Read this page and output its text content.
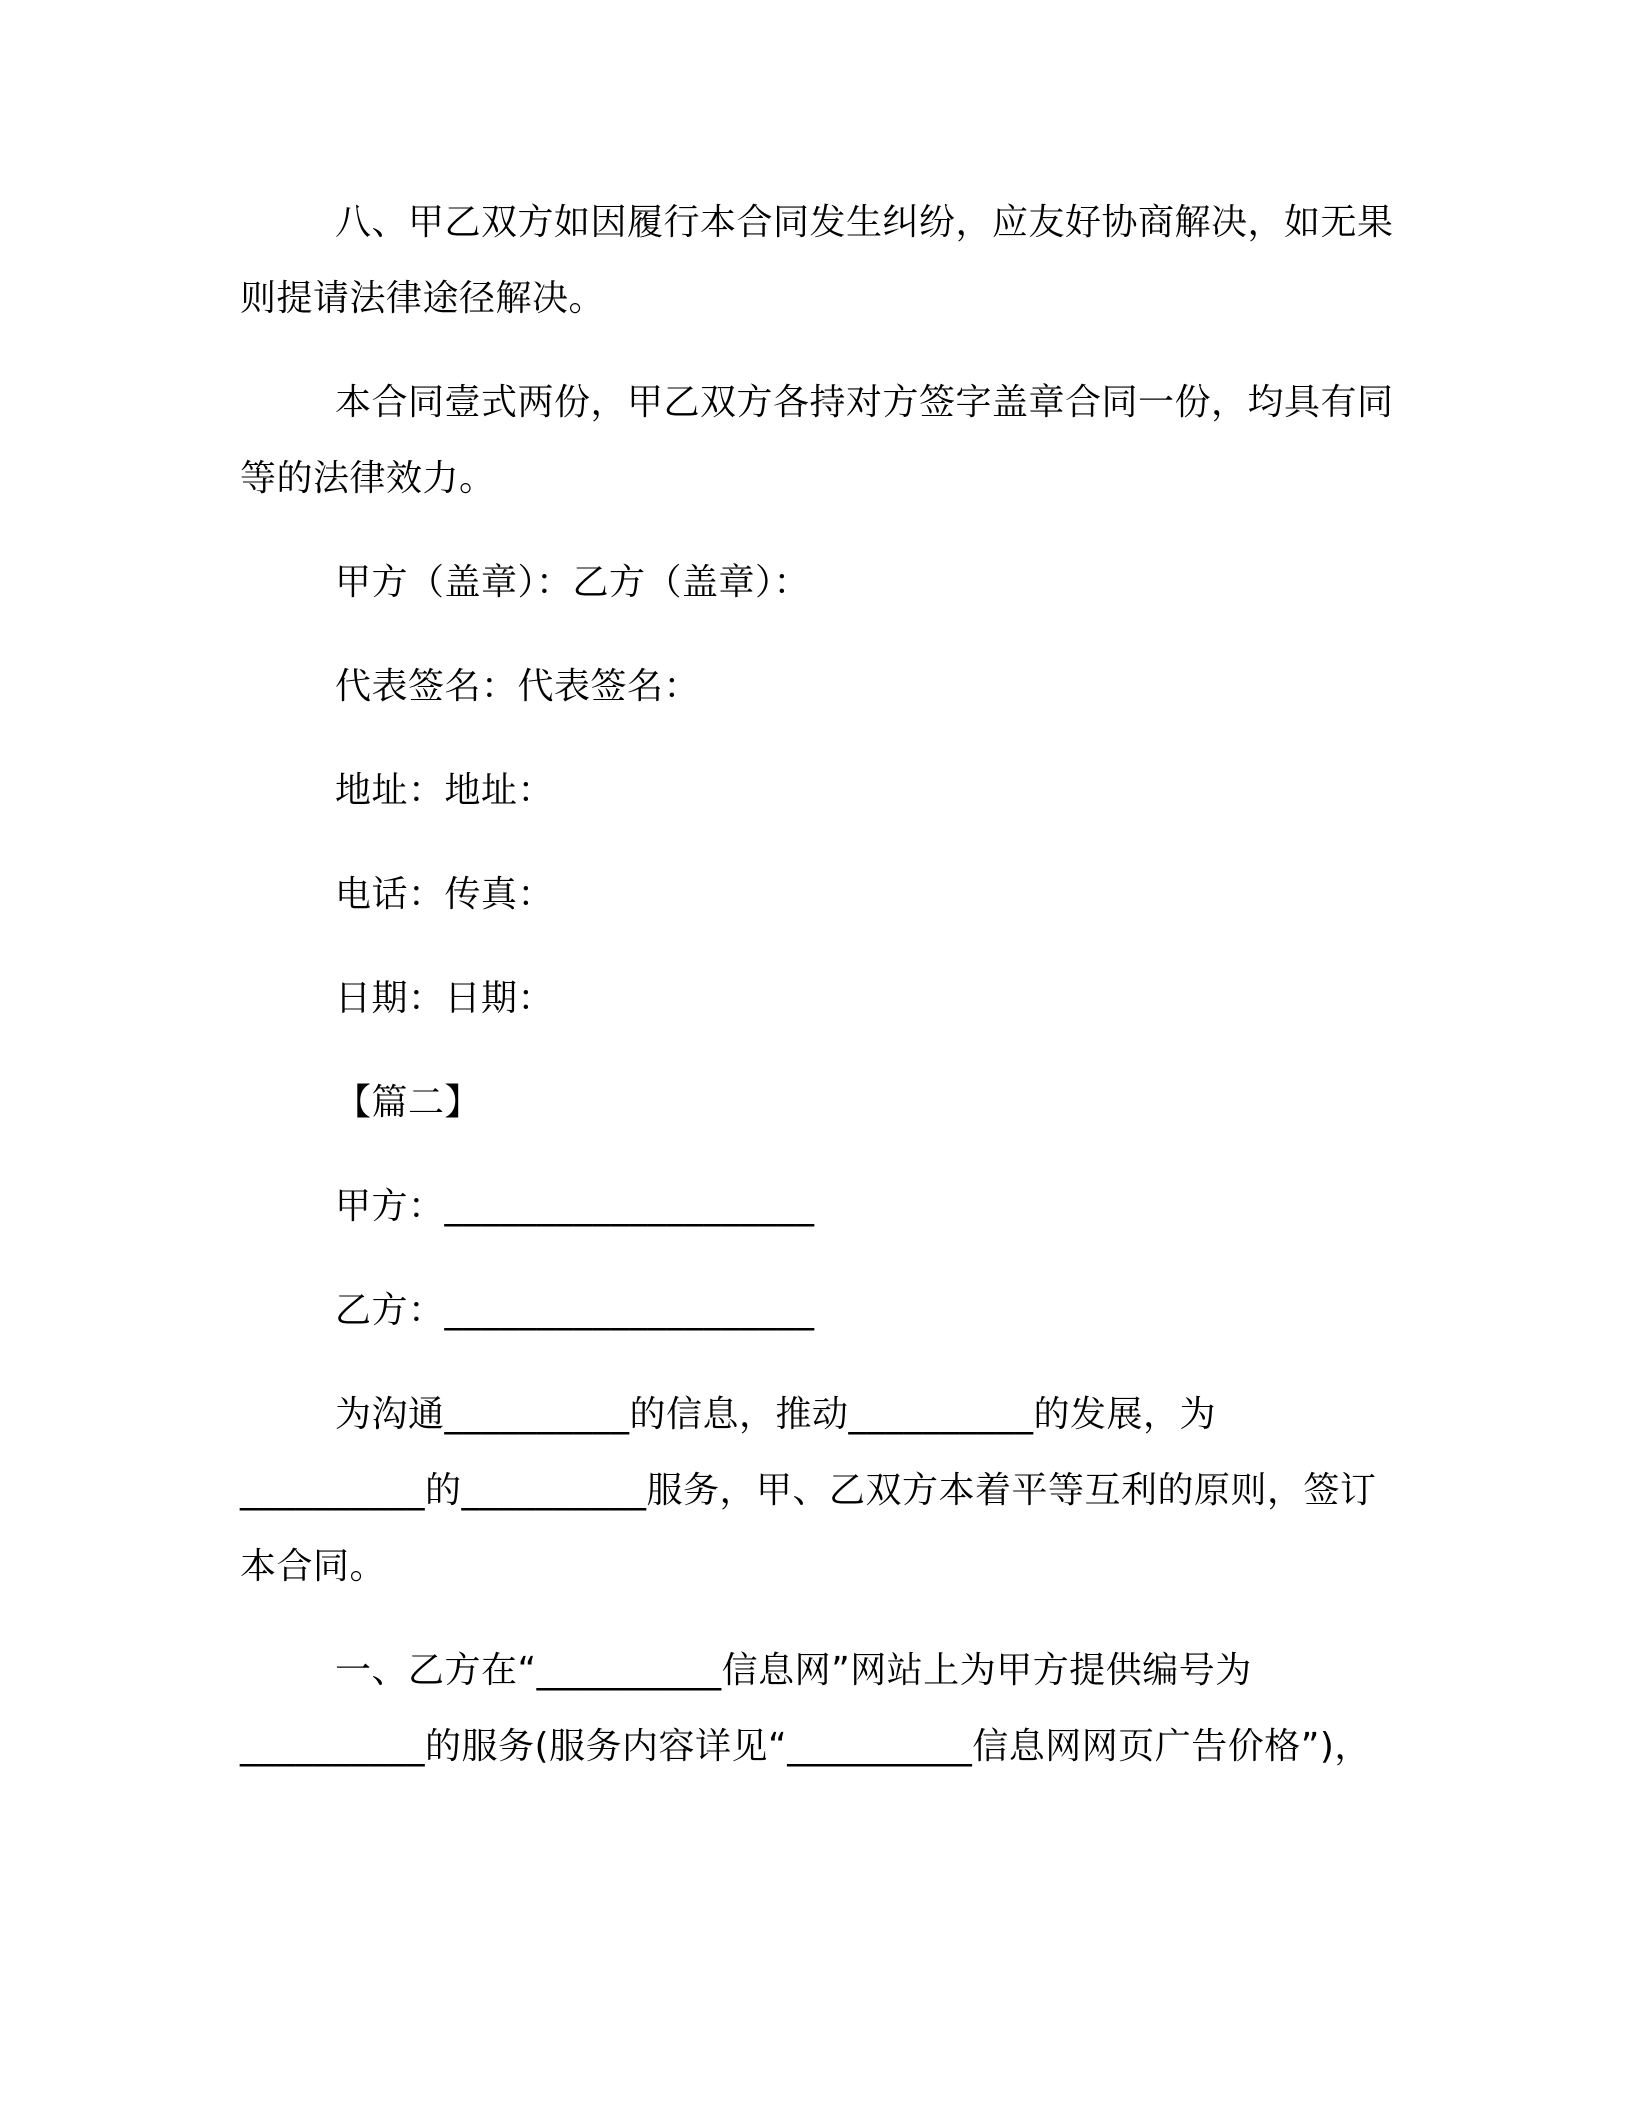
八、甲乙双方如因履行本合同发生纠纷，应友好协商解决，如无果则提请法律途径解决。

本合同壹式两份，甲乙双方各持对方签字盖章合同一份，均具有同等的法律效力。

甲方（盖章）：乙方（盖章）：

代表签名：代表签名：

地址：地址：

电话：传真：

日期：日期：

【篇二】

甲方：____________________

乙方：____________________

为沟通__________的信息，推动__________的发展，为__________的__________服务，甲、乙双方本着平等互利的原则，签订本合同。

一、乙方在“__________信息网”网站上为甲方提供编号为__________的服务(服务内容详见“__________信息网网页广告价格”)，
